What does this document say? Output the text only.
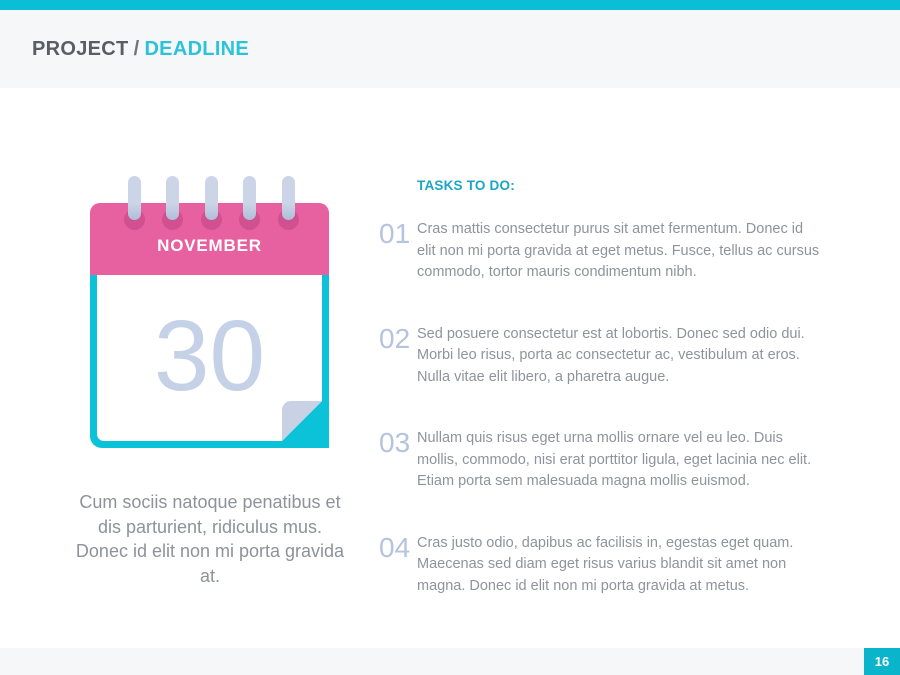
PROJECT / DEADLINE
NOVEMBER
30
Cum sociis natoque penatibus et dis parturient, ridiculus mus. Donec id elit non mi porta gravida at.
TASKS TO DO:
01 Cras mattis consectetur purus sit amet fermentum. Donec id elit non mi porta gravida at eget metus. Fusce, tellus ac cursus commodo, tortor mauris condimentum nibh.
02 Sed posuere consectetur est at lobortis. Donec sed odio dui. Morbi leo risus, porta ac consectetur ac, vestibulum at eros. Nulla vitae elit libero, a pharetra augue.
03 Nullam quis risus eget urna mollis ornare vel eu leo. Duis mollis, commodo, nisi erat porttitor ligula, eget lacinia nec elit. Etiam porta sem malesuada magna mollis euismod.
04 Cras justo odio, dapibus ac facilisis in, egestas eget quam. Maecenas sed diam eget risus varius blandit sit amet non magna. Donec id elit non mi porta gravida at metus.
16
